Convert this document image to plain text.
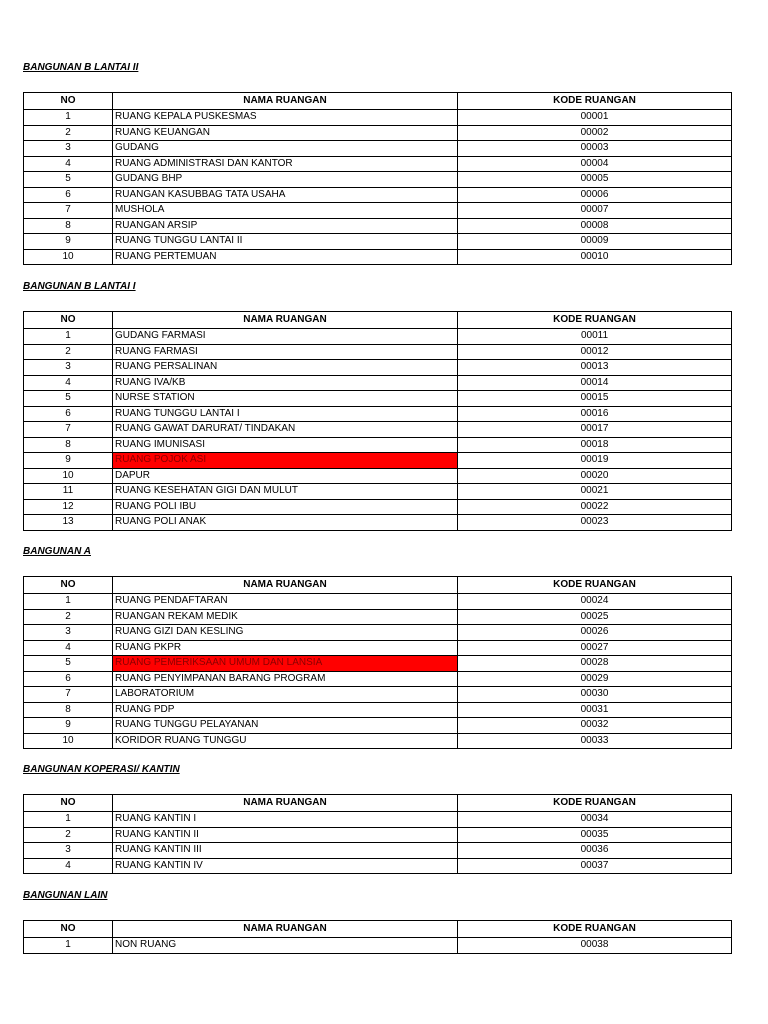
BANGUNAN B LANTAI II
NO	NAMA RUANGAN	KODE RUANGAN
1	RUANG KEPALA PUSKESMAS	00001
2	RUANG KEUANGAN	00002
3	GUDANG	00003
4	RUANG ADMINISTRASI DAN KANTOR	00004
5	GUDANG BHP	00005
6	RUANGAN KASUBBAG TATA USAHA	00006
7	MUSHOLA	00007
8	RUANGAN ARSIP	00008
9	RUANG TUNGGU LANTAI II	00009
10	RUANG PERTEMUAN	00010
BANGUNAN B LANTAI I
NO	NAMA RUANGAN	KODE RUANGAN
1	GUDANG FARMASI	00011
2	RUANG FARMASI	00012
3	RUANG PERSALINAN	00013
4	RUANG IVA/KB	00014
5	NURSE STATION	00015
6	RUANG TUNGGU LANTAI I	00016
7	RUANG GAWAT DARURAT/ TINDAKAN	00017
8	RUANG IMUNISASI	00018
9	RUANG POJOK ASI	00019
10	DAPUR	00020
11	RUANG KESEHATAN GIGI DAN MULUT	00021
12	RUANG POLI IBU	00022
13	RUANG POLI ANAK	00023
BANGUNAN A
NO	NAMA RUANGAN	KODE RUANGAN
1	RUANG PENDAFTARAN	00024
2	RUANGAN REKAM MEDIK	00025
3	RUANG GIZI DAN KESLING	00026
4	RUANG PKPR	00027
5	RUANG PEMERIKSAAN UMUM DAN LANSIA	00028
6	RUANG PENYIMPANAN BARANG PROGRAM	00029
7	LABORATORIUM	00030
8	RUANG PDP	00031
9	RUANG TUNGGU PELAYANAN	00032
10	KORIDOR RUANG TUNGGU	00033
BANGUNAN KOPERASI/ KANTIN
NO	NAMA RUANGAN	KODE RUANGAN
1	RUANG KANTIN I	00034
2	RUANG KANTIN II	00035
3	RUANG KANTIN III	00036
4	RUANG KANTIN IV	00037
BANGUNAN LAIN
NO	NAMA RUANGAN	KODE RUANGAN
1	NON RUANG	00038
